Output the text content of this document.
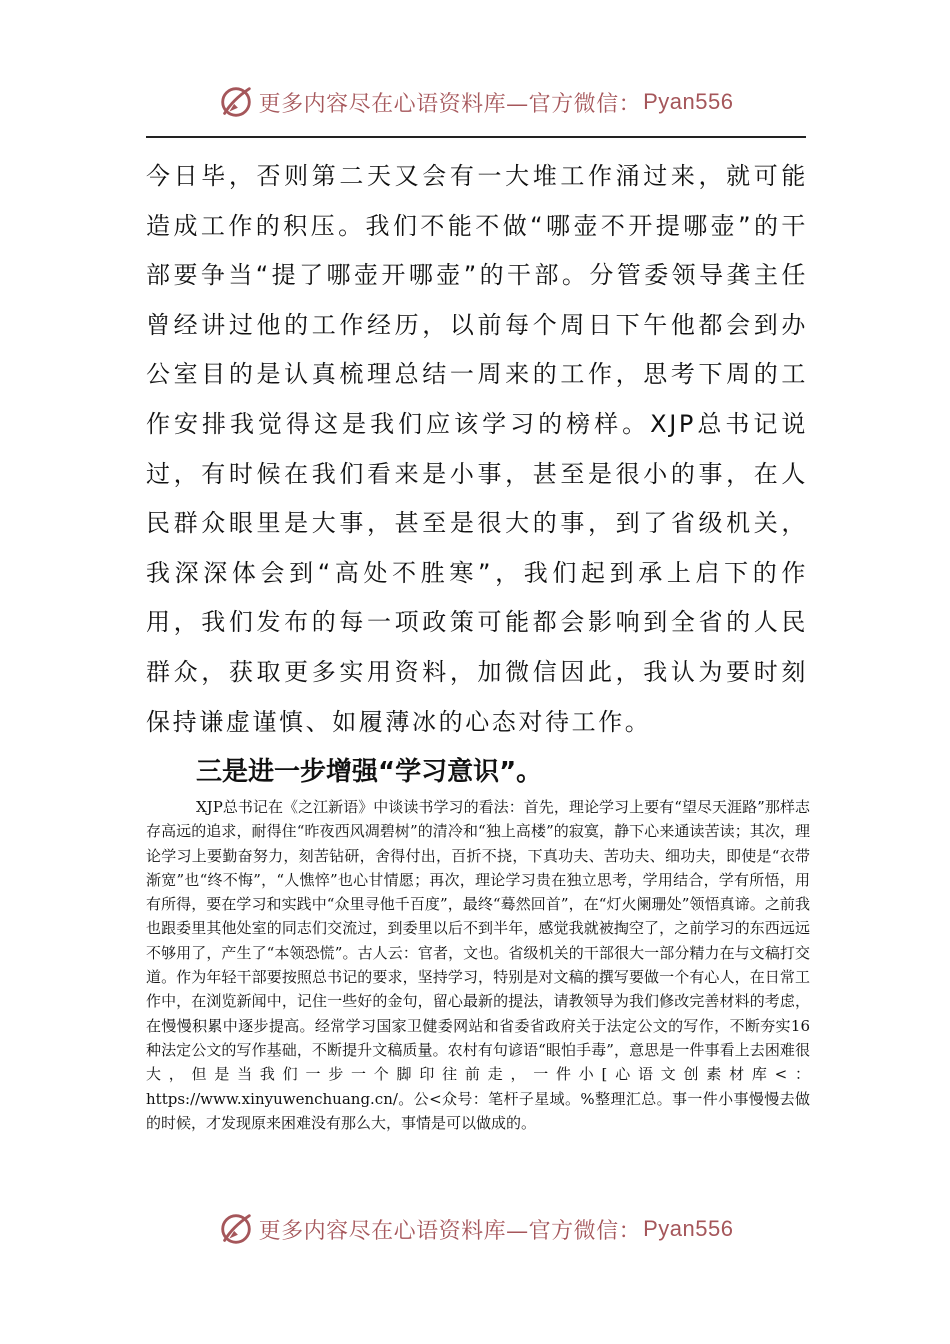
更多内容尽在心语资料库—官方微信： Pyan556

今日毕，否则第二天又会有一大堆工作涌过来，就可能造成工作的积压。我们不能不做“哪壶不开提哪壶”的干部要争当“提了哪壶开哪壶”的干部。分管委领导龚主任曾经讲过他的工作经历，以前每个周日下午他都会到办公室目的是认真梳理总结一周来的工作，思考下周的工作安排我觉得这是我们应该学习的榜样。XJP总书记说过，有时候在我们看来是小事，甚至是很小的事，在人民群众眼里是大事，甚至是很大的事，到了省级机关，我深深体会到“高处不胜寒”，我们起到承上启下的作用，我们发布的每一项政策可能都会影响到全省的人民群众，获取更多实用资料，加微信因此，我认为要时刻保持谦虚谨慎、如履薄冰的心态对待工作。

三是进一步增强“学习意识”。

XJP总书记在《之江新语》中谈读书学习的看法：首先，理论学习上要有“望尽天涯路”那样志存高远的追求，耐得住“昨夜西风凋碧树”的清冷和“独上高楼”的寂寞，静下心来通读苦读；其次，理论学习上要勤奋努力，刻苦钻研，舍得付出，百折不挠，下真功夫、苦功夫、细功夫，即使是“衣带渐宽”也“终不悔”，“人憔悴”也心甘情愿；再次，理论学习贵在独立思考，学用结合，学有所悟，用有所得，要在学习和实践中“众里寻他千百度”，最终“蓦然回首”，在“灯火阑珊处”领悟真谛。之前我也跟委里其他处室的同志们交流过，到委里以后不到半年，感觉我就被掏空了，之前学习的东西远远不够用了，产生了“本领恐慌”。古人云：官者，文也。省级机关的干部很大一部分精力在与文稿打交道。作为年轻干部要按照总书记的要求，坚持学习，特别是对文稿的撰写要做一个有心人，在日常工作中，在浏览新闻中，记住一些好的金句，留心最新的提法，请教领导为我们修改完善材料的考虑，在慢慢积累中逐步提高。经常学习国家卫健委网站和省委省政府关于法定公文的写作，不断夯实16种法定公文的写作基础，不断提升文稿质量。农村有句谚语“眼怕手毒”，意思是一件事看上去困难很大，但是当我们一步一个脚印往前走，一件小[心语文创素材库<：https://www.xinyuwenchuang.cn/。公<众号：笔杆子星域。%整理汇总。事一件小事慢慢去做的时候，才发现原来困难没有那么大，事情是可以做成的。

更多内容尽在心语资料库—官方微信： Pyan556
